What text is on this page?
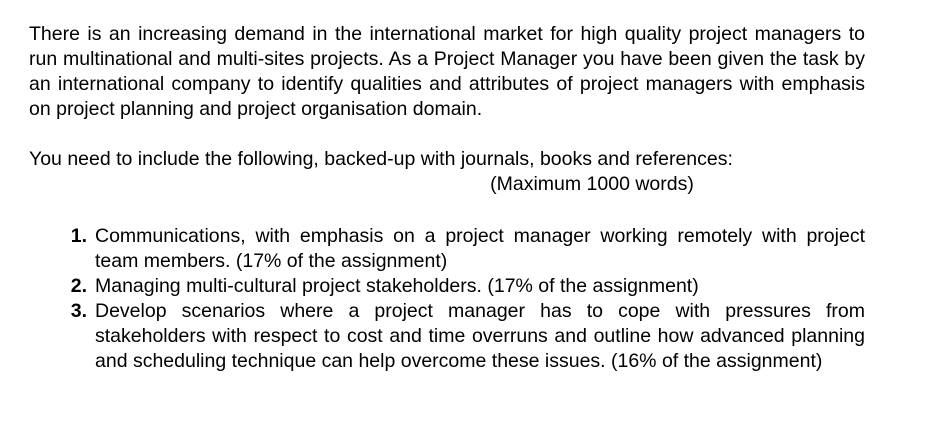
There is an increasing demand in the international market for high quality project managers to run multinational and multi-sites projects. As a Project Manager you have been given the task by an international company to identify qualities and attributes of project managers with emphasis on project planning and project organisation domain.

You need to include the following, backed-up with journals, books and references:

(Maximum 1000 words)

1. Communications, with emphasis on a project manager working remotely with project team members. (17% of the assignment)
2. Managing multi-cultural project stakeholders. (17% of the assignment)
3. Develop scenarios where a project manager has to cope with pressures from stakeholders with respect to cost and time overruns and outline how advanced planning and scheduling technique can help overcome these issues. (16% of the assignment)
